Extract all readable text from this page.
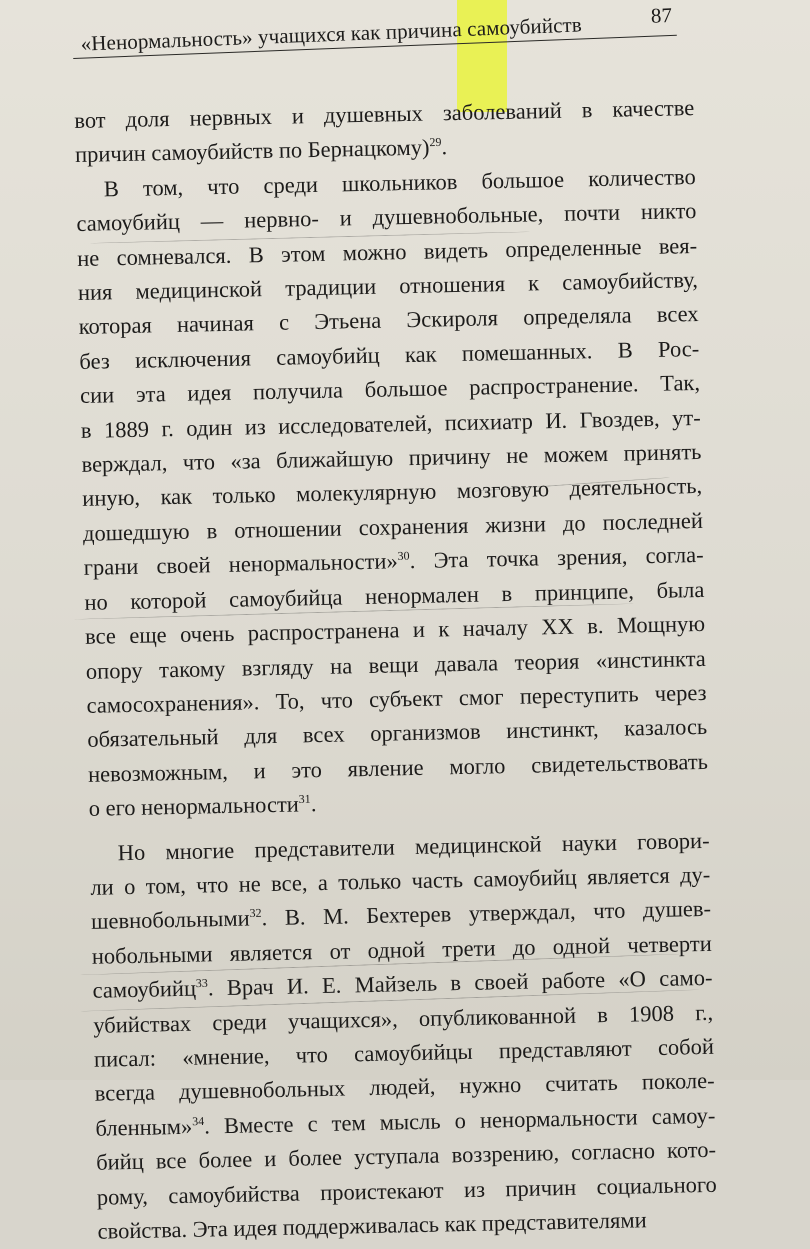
«Ненормальность» учащихся как причина самоубийств	87
вот доля нервных и душевных заболеваний в качестве
причин самоубийств по Бернацкому)$^{29}$.
В том, что среди школьников большое количество
самоубийц — нервно- и душевнобольные, почти никто
не сомневался. В этом можно видеть определенные вея-
ния медицинской традиции отношения к самоубийству,
которая начиная с Этьена Эскироля определяла всех
без исключения самоубийц как помешанных. В Рос-
сии эта идея получила большое распространение. Так,
в 1889 г. один из исследователей, психиатр И. Гвоздев, ут-
верждал, что «за ближайшую причину не можем принять
иную, как только молекулярную мозговую деятельность,
дошедшую в отношении сохранения жизни до последней
грани своей ненормальности»$^{30}$. Эта точка зрения, согла-
но которой самоубийца ненормален в принципе, была
все еще очень распространена и к началу XX в. Мощную
опору такому взгляду на вещи давала теория «инстинкта
самосохранения». То, что субъект смог переступить через
обязательный для всех организмов инстинкт, казалось
невозможным, и это явление могло свидетельствовать
о его ненормальности$^{31}$.
Но многие представители медицинской науки говори-
ли о том, что не все, а только часть самоубийц является ду-
шевнобольными$^{32}$. В. М. Бехтерев утверждал, что душев-
нобольными является от одной трети до одной четверти
самоубийц$^{33}$. Врач И. Е. Майзель в своей работе «О само-
убийствах среди учащихся», опубликованной в 1908 г.,
писал: «мнение, что самоубийцы представляют собой
всегда душевнобольных людей, нужно считать поколе-
бленным»$^{34}$. Вместе с тем мысль о ненормальности самоу-
бийц все более и более уступала воззрению, согласно кото-
рому, самоубийства проистекают из причин социального
свойства. Эта идея поддерживалась как представителями
